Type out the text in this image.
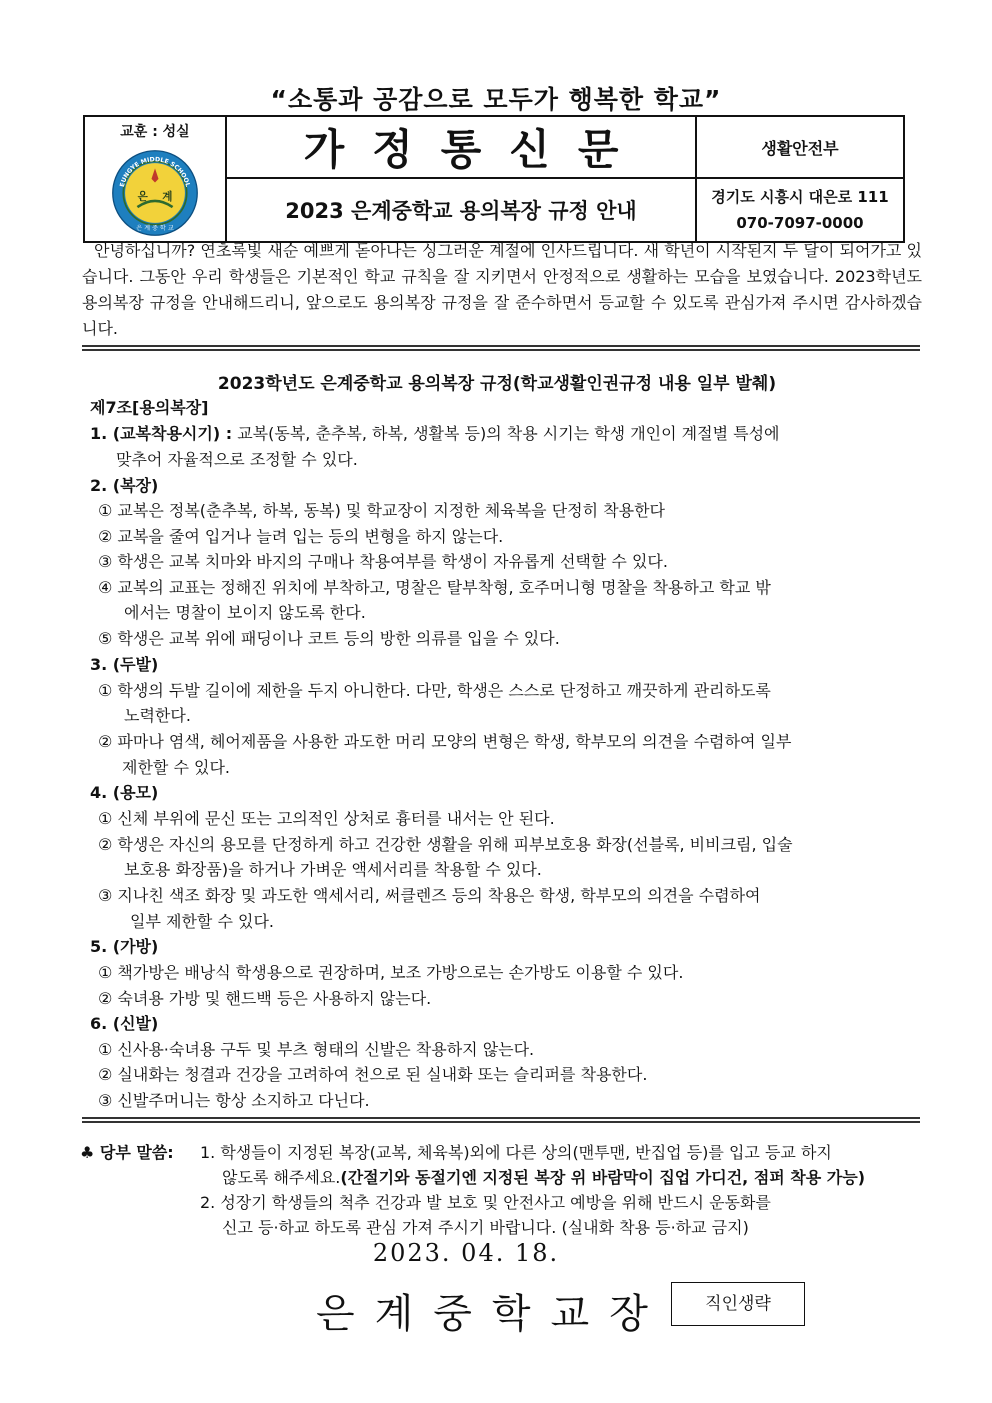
“소통과 공감으로 모두가 행복한 학교”
교훈 : 성실
은 계
EUNGYE MIDDLE SCHOOL
은 계 중 학 교	가정통신문	생활안전부
	2023 은계중학교 용의복장 규정 안내	경기도 시흥시 대은로 111
070-7097-0000
안녕하십니까? 연초록빛 새순 예쁘게 돋아나는 싱그러운 계절에 인사드립니다. 새 학년이 시작된지 두 달이 되어가고 있습니다. 그동안 우리 학생들은 기본적인 학교 규칙을 잘 지키면서 안정적으로 생활하는 모습을 보였습니다. 2023학년도 용의복장 규정을 안내해드리니, 앞으로도 용의복장 규정을 잘 준수하면서 등교할 수 있도록 관심가져 주시면 감사하겠습니다.
2023학년도 은계중학교 용의복장 규정(학교생활인권규정 내용 일부 발췌)
제7조[용의복장]
1. (교복착용시기) : 교복(동복, 춘추복, 하복, 생활복 등)의 착용 시기는 학생 개인이 계절별 특성에
맞추어 자율적으로 조정할 수 있다.
2. (복장)
① 교복은 정복(춘추복, 하복, 동복) 및 학교장이 지정한 체육복을 단정히 착용한다
② 교복을 줄여 입거나 늘려 입는 등의 변형을 하지 않는다.
③ 학생은 교복 치마와 바지의 구매나 착용여부를 학생이 자유롭게 선택할 수 있다.
④ 교복의 교표는 정해진 위치에 부착하고, 명찰은 탈부착형, 호주머니형 명찰을 착용하고 학교 밖
에서는 명찰이 보이지 않도록 한다.
⑤ 학생은 교복 위에 패딩이나 코트 등의 방한 의류를 입을 수 있다.
3. (두발)
① 학생의 두발 길이에 제한을 두지 아니한다. 다만, 학생은 스스로 단정하고 깨끗하게 관리하도록
노력한다.
② 파마나 염색, 헤어제품을 사용한 과도한 머리 모양의 변형은 학생, 학부모의 의견을 수렴하여 일부
제한할 수 있다.
4. (용모)
① 신체 부위에 문신 또는 고의적인 상처로 흉터를 내서는 안 된다.
② 학생은 자신의 용모를 단정하게 하고 건강한 생활을 위해 피부보호용 화장(선블록, 비비크림, 입술
보호용 화장품)을 하거나 가벼운 액세서리를 착용할 수 있다.
③ 지나친 색조 화장 및 과도한 액세서리, 써클렌즈 등의 착용은 학생, 학부모의 의견을 수렴하여
일부 제한할 수 있다.
5. (가방)
① 책가방은 배낭식 학생용으로 권장하며, 보조 가방으로는 손가방도 이용할 수 있다.
② 숙녀용 가방 및 핸드백 등은 사용하지 않는다.
6. (신발)
① 신사용·숙녀용 구두 및 부츠 형태의 신발은 착용하지 않는다.
② 실내화는 청결과 건강을 고려하여 천으로 된 실내화 또는 슬리퍼를 착용한다.
③ 신발주머니는 항상 소지하고 다닌다.
♣ 당부 말씀: 1. 학생들이 지정된 복장(교복, 체육복)외에 다른 상의(맨투맨, 반집업 등)를 입고 등교 하지
않도록 해주세요.(간절기와 동절기엔 지정된 복장 위 바람막이 집업 가디건, 점퍼 착용 가능)
2. 성장기 학생들의 척추 건강과 발 보호 및 안전사고 예방을 위해 반드시 운동화를
신고 등·하교 하도록 관심 가져 주시기 바랍니다. (실내화 착용 등·하교 금지)
2023. 04. 18.
은계중학교장	직인생략
